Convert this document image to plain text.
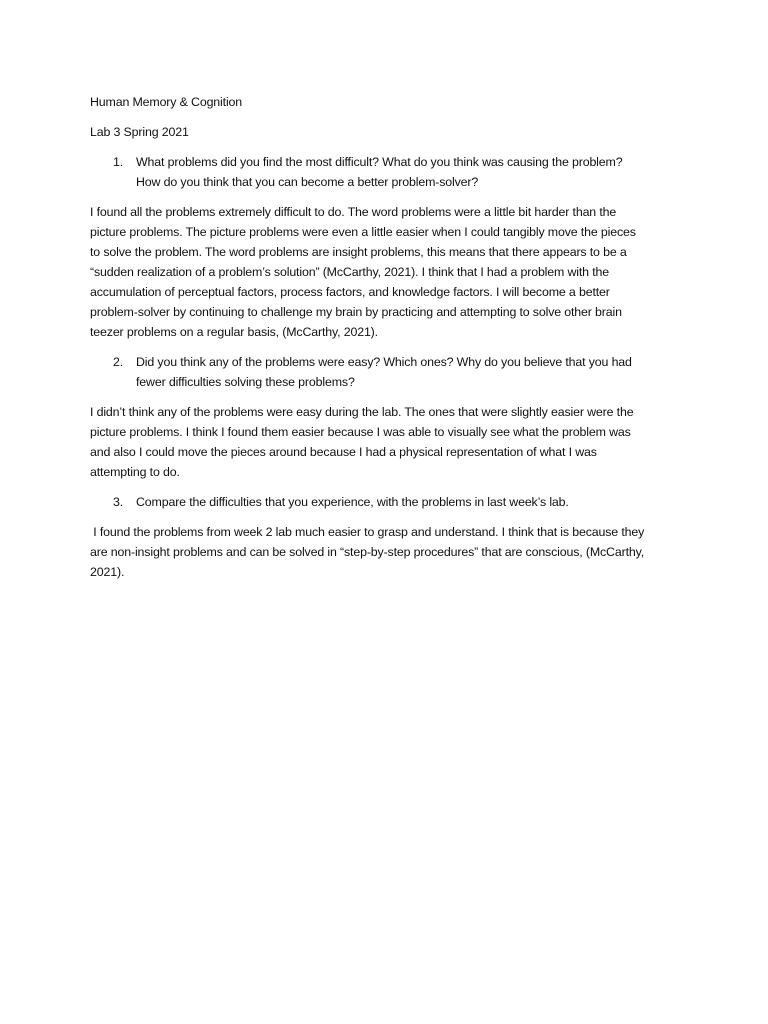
Human Memory & Cognition
Lab 3 Spring 2021
1.	What problems did you find the most difficult? What do you think was causing the problem?
How do you think that you can become a better problem-solver?
I found all the problems extremely difficult to do. The word problems were a little bit harder than the
picture problems. The picture problems were even a little easier when I could tangibly move the pieces
to solve the problem. The word problems are insight problems, this means that there appears to be a
“sudden realization of a problem’s solution” (McCarthy, 2021). I think that I had a problem with the
accumulation of perceptual factors, process factors, and knowledge factors. I will become a better
problem-solver by continuing to challenge my brain by practicing and attempting to solve other brain
teezer problems on a regular basis, (McCarthy, 2021).
2.	Did you think any of the problems were easy? Which ones? Why do you believe that you had
fewer difficulties solving these problems?
I didn’t think any of the problems were easy during the lab. The ones that were slightly easier were the
picture problems. I think I found them easier because I was able to visually see what the problem was
and also I could move the pieces around because I had a physical representation of what I was
attempting to do.
3.	Compare the difficulties that you experience, with the problems in last week’s lab.
I found the problems from week 2 lab much easier to grasp and understand. I think that is because they
are non-insight problems and can be solved in “step-by-step procedures” that are conscious, (McCarthy,
2021).
